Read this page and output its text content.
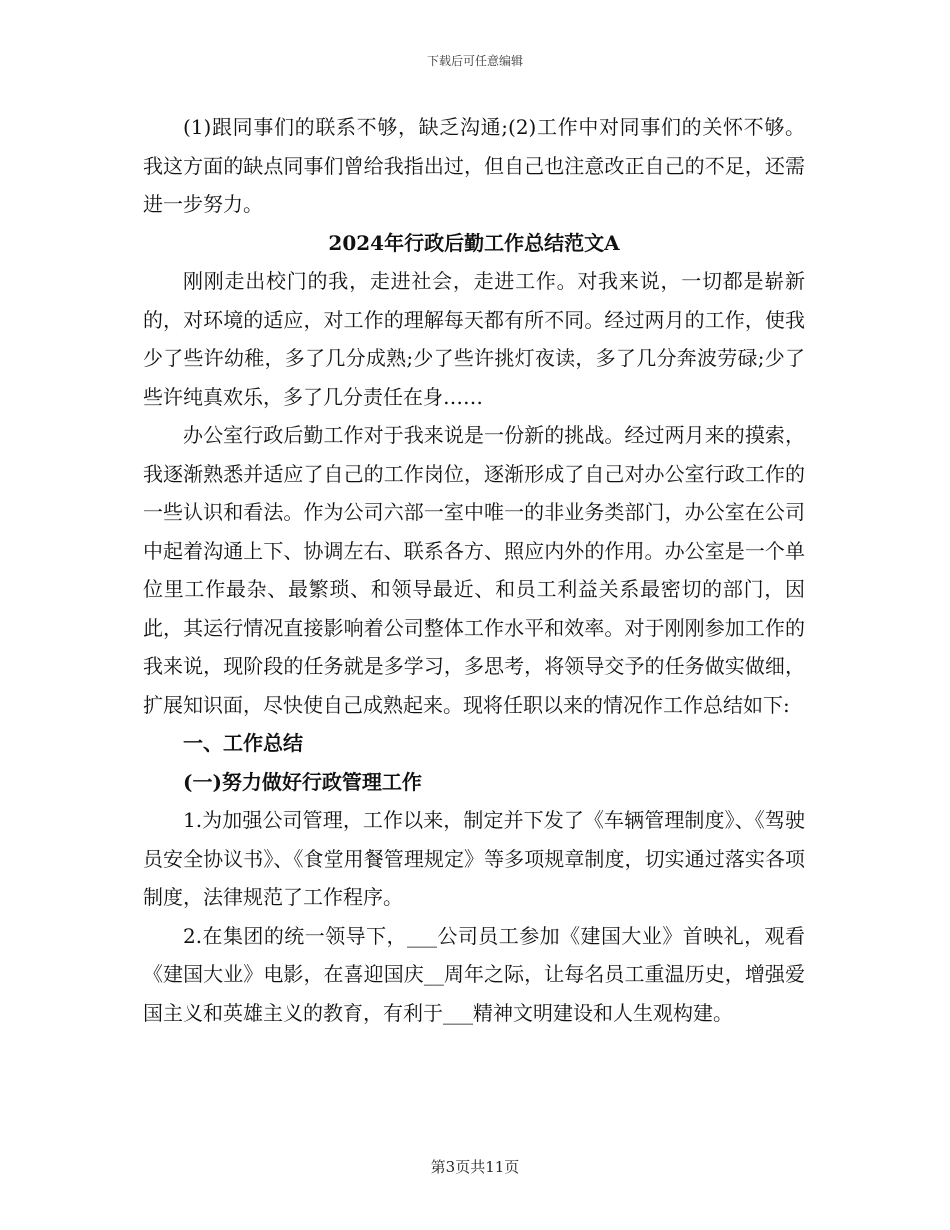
下载后可任意编辑

(1)跟同事们的联系不够，缺乏沟通;(2)工作中对同事们的关怀不够。我这方面的缺点同事们曾给我指出过，但自己也注意改正自己的不足，还需进一步努力。

2024年行政后勤工作总结范文A

刚刚走出校门的我，走进社会，走进工作。对我来说，一切都是崭新的，对环境的适应，对工作的理解每天都有所不同。经过两月的工作，使我少了些许幼稚，多了几分成熟;少了些许挑灯夜读，多了几分奔波劳碌;少了些许纯真欢乐，多了几分责任在身……

办公室行政后勤工作对于我来说是一份新的挑战。经过两月来的摸索，我逐渐熟悉并适应了自己的工作岗位，逐渐形成了自己对办公室行政工作的一些认识和看法。作为公司六部一室中唯一的非业务类部门，办公室在公司中起着沟通上下、协调左右、联系各方、照应内外的作用。办公室是一个单位里工作最杂、最繁琐、和领导最近、和员工利益关系最密切的部门，因此，其运行情况直接影响着公司整体工作水平和效率。对于刚刚参加工作的我来说，现阶段的任务就是多学习，多思考，将领导交予的任务做实做细，扩展知识面，尽快使自己成熟起来。现将任职以来的情况作工作总结如下:

一、工作总结

(一)努力做好行政管理工作

1.为加强公司管理，工作以来，制定并下发了《车辆管理制度》、《驾驶员安全协议书》、《食堂用餐管理规定》等多项规章制度，切实通过落实各项制度，法律规范了工作程序。

2.在集团的统一领导下，___公司员工参加《建国大业》首映礼，观看《建国大业》电影，在喜迎国庆__周年之际，让每名员工重温历史，增强爱国主义和英雄主义的教育，有利于___精神文明建设和人生观构建。

第3页共11页
